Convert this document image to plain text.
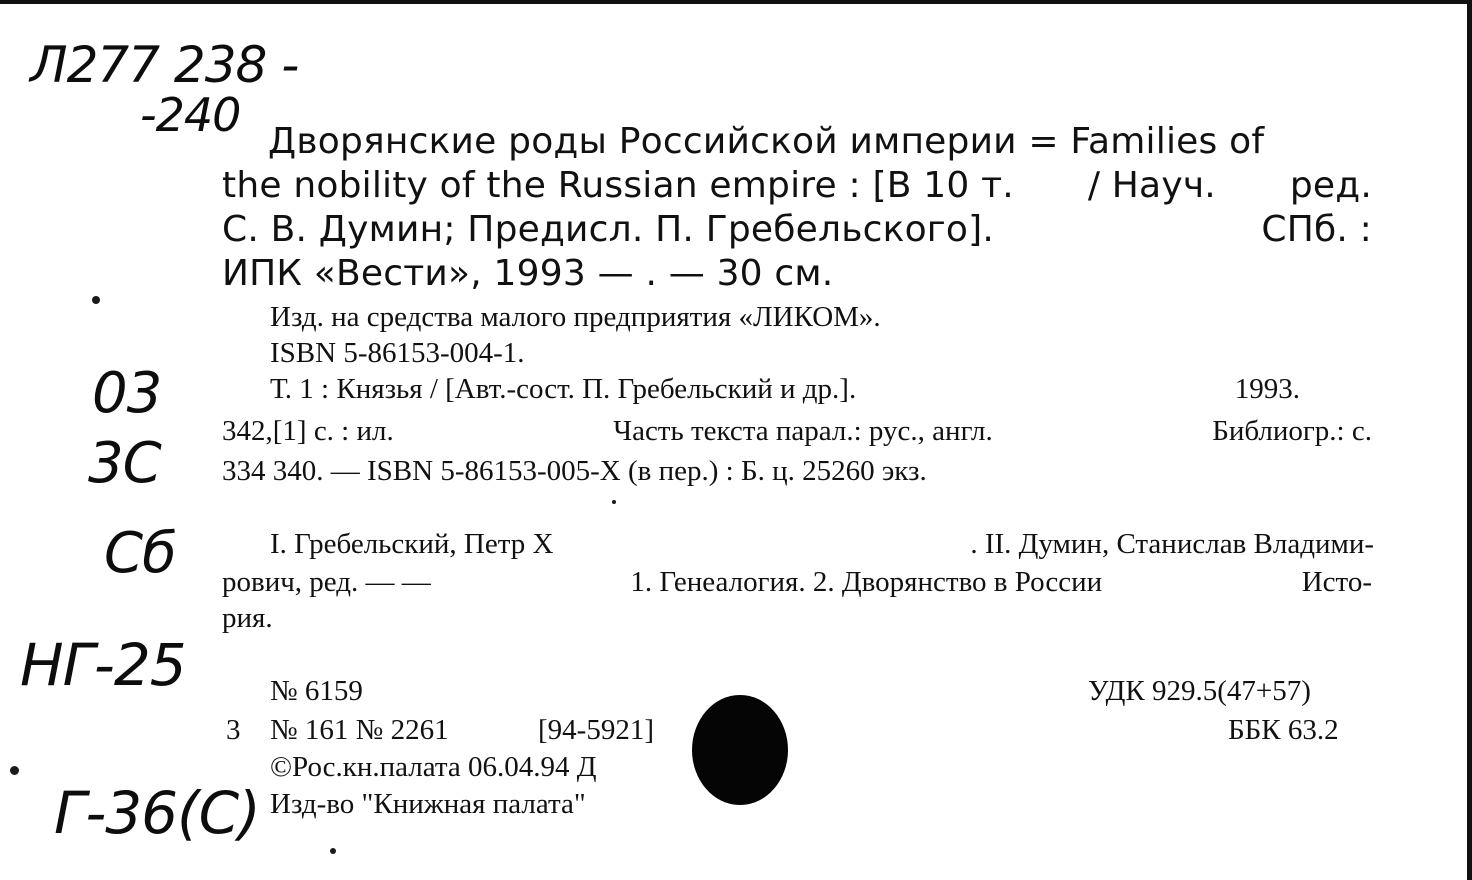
Л277 238 -
-240
03
3С
Сб
НГ-25
Г-36(С)
Дворянские роды Российской империи = Families of
the nobility of the Russian empire : [В 10 т. / Науч. ред.
С. В. Думин; Предисл. П. Гребельского].	СПб. :
ИПК «Вести», 1993 — . — 30 см.
Изд. на средства малого предприятия «ЛИКОМ».
ISBN 5-86153-004-1.
Т. 1 : Князья / [Авт.-сост. П. Гребельский и др.].	1993.
342,[1] с. : ил.	Часть текста парал.: рус., англ.	Библиогр.: с.
334 340. — ISBN 5-86153-005-Х (в пер.) : Б. ц. 25260 экз.
I. Гребельский, Петр Х	. II. Думин, Станислав Владими-
рович, ред. — —	1. Генеалогия. 2. Дворянство в России	Исто-
рия.
№ 6159	УДК 929.5(47+57)
3 № 161 № 2261	[94-5921]	ББК 63.2
©Рос.кн.палата 06.04.94 Д
Изд-во "Книжная палата"
